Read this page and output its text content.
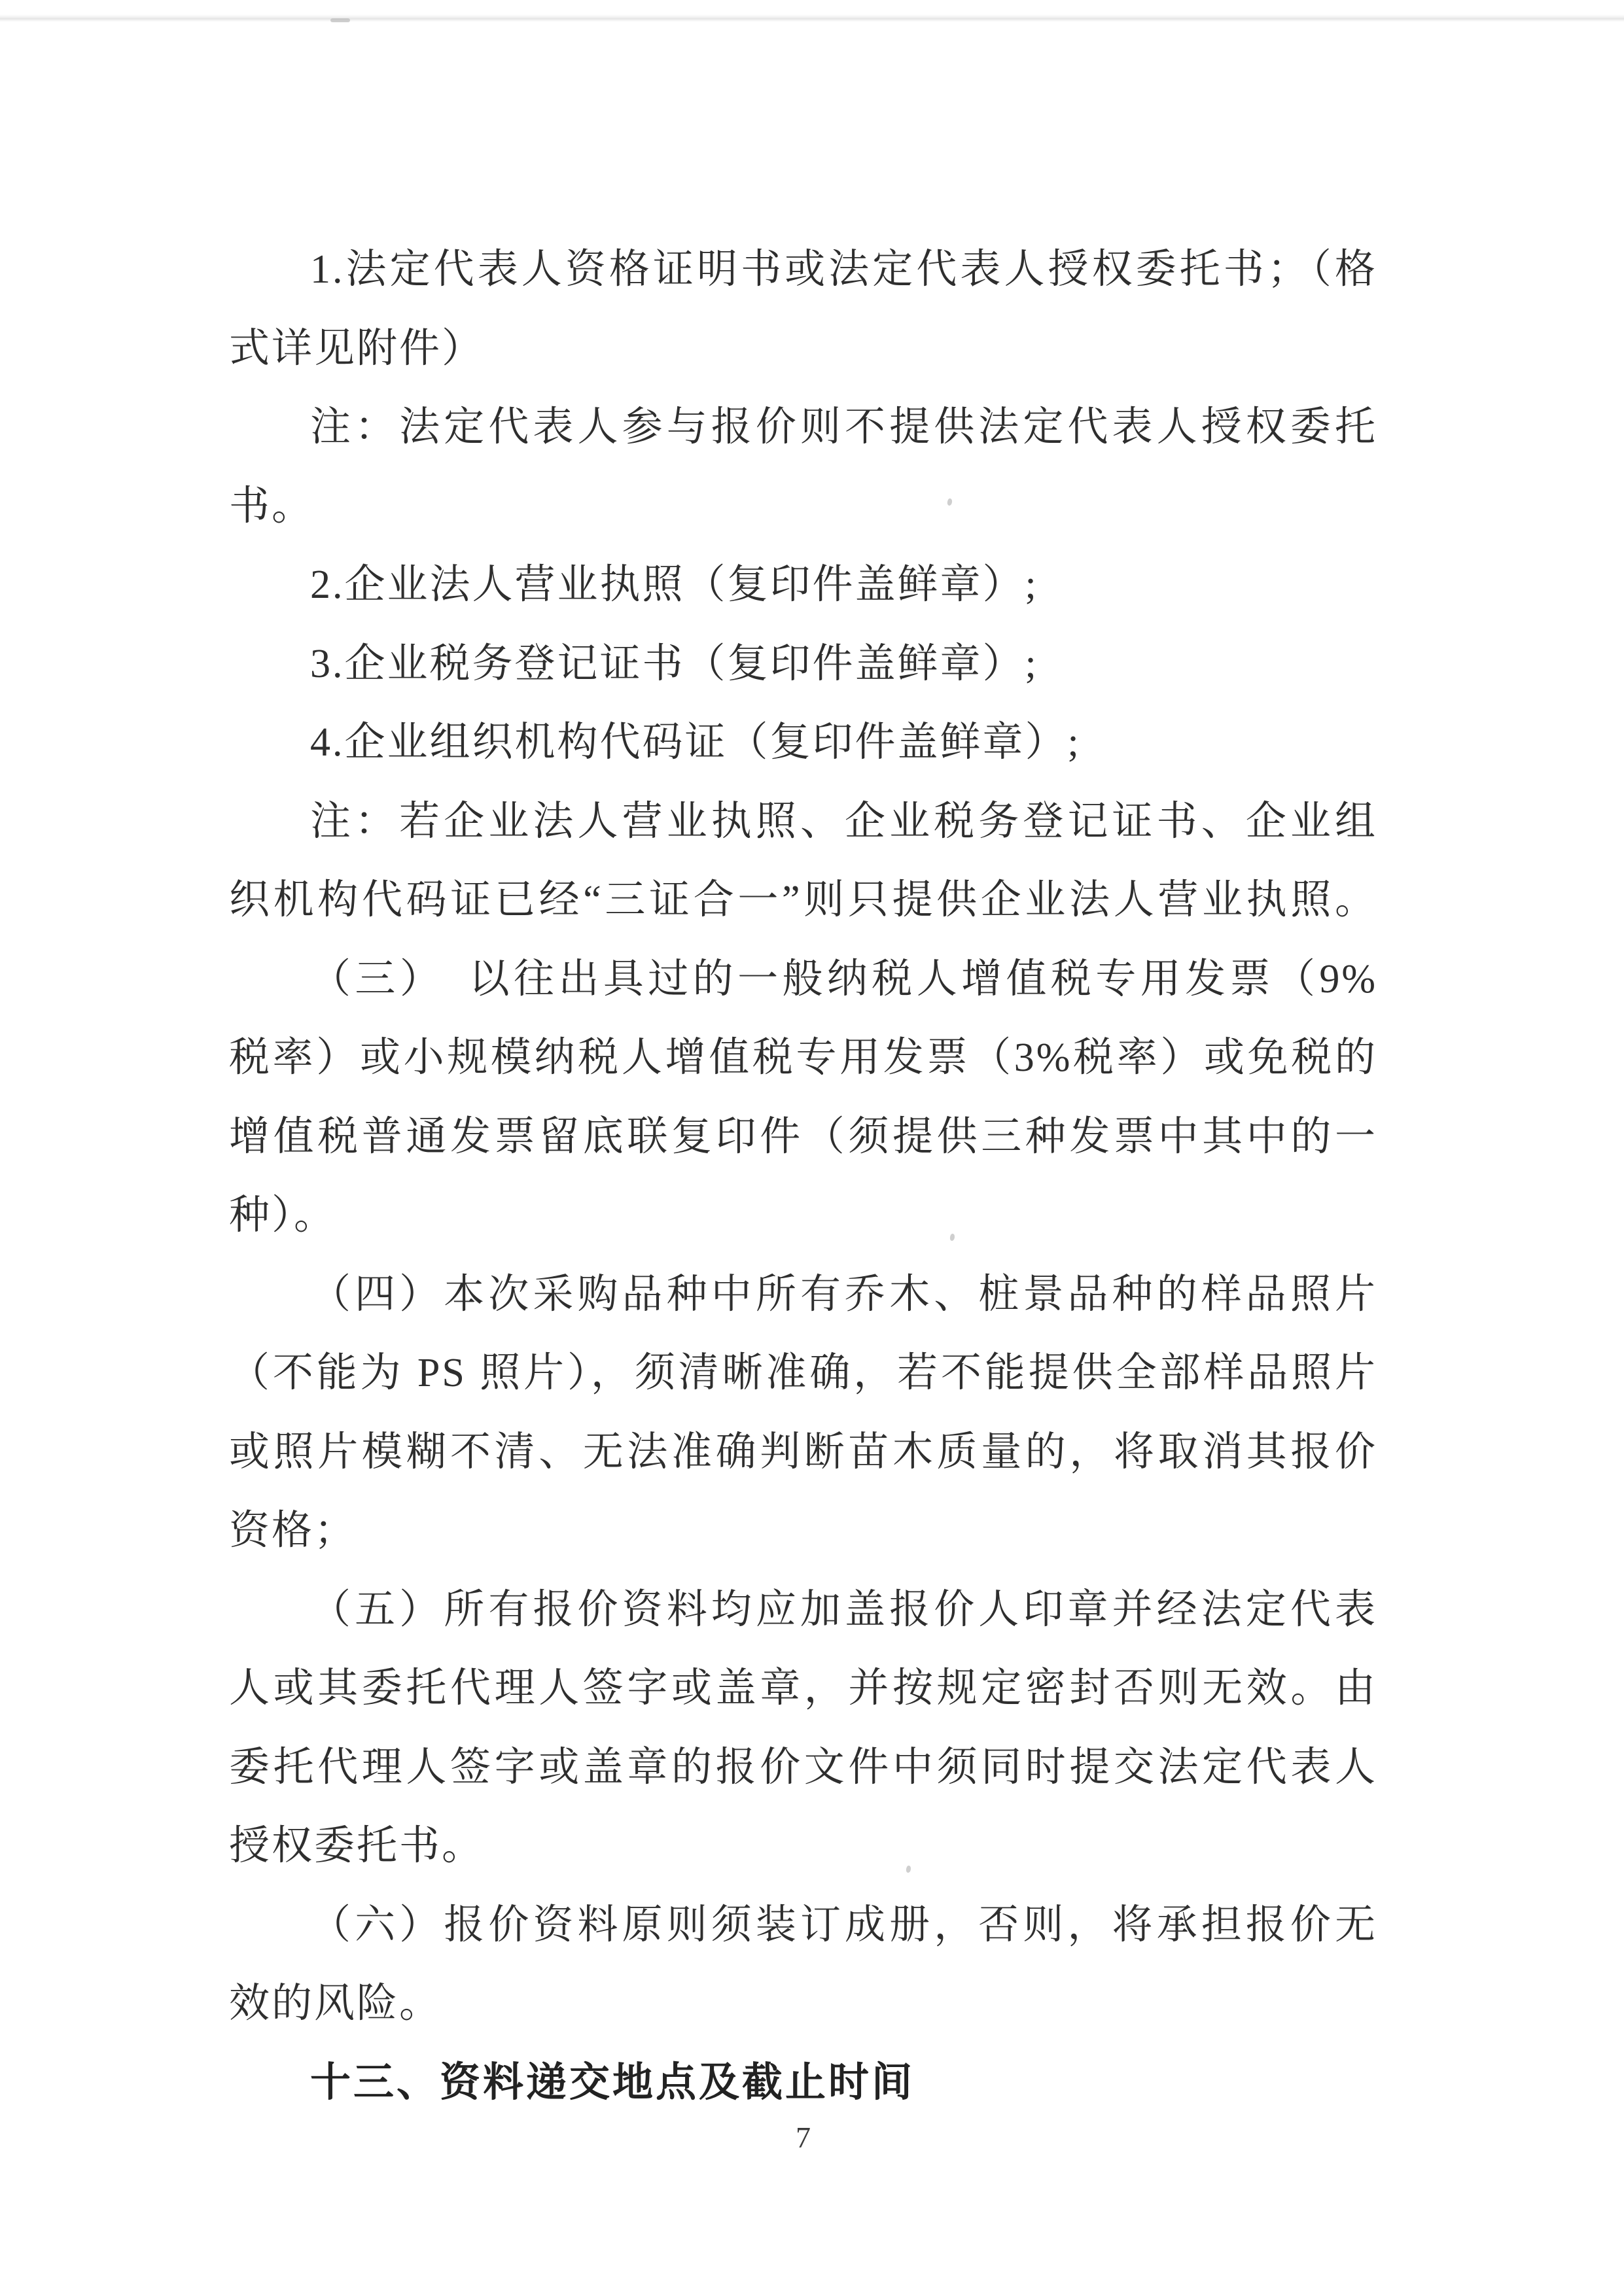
1.法定代表人资格证明书或法定代表人授权委托书；（格
式详见附件）
注：法定代表人参与报价则不提供法定代表人授权委托
书。
2.企业法人营业执照（复印件盖鲜章）;
3.企业税务登记证书（复印件盖鲜章）;
4.企业组织机构代码证（复印件盖鲜章）;
注：若企业法人营业执照、企业税务登记证书、企业组
织机构代码证已经“三证合一”则只提供企业法人营业执照。
（三）　以往出具过的一般纳税人增值税专用发票（9%
税率）或小规模纳税人增值税专用发票（3%税率）或免税的
增值税普通发票留底联复印件（须提供三种发票中其中的一
种）。
（四）本次采购品种中所有乔木、桩景品种的样品照片
（不能为 PS 照片），须清晰准确，若不能提供全部样品照片
或照片模糊不清、无法准确判断苗木质量的，将取消其报价
资格；
（五）所有报价资料均应加盖报价人印章并经法定代表
人或其委托代理人签字或盖章，并按规定密封否则无效。由
委托代理人签字或盖章的报价文件中须同时提交法定代表人
授权委托书。
（六）报价资料原则须装订成册，否则，将承担报价无
效的风险。
十三、资料递交地点及截止时间
7
